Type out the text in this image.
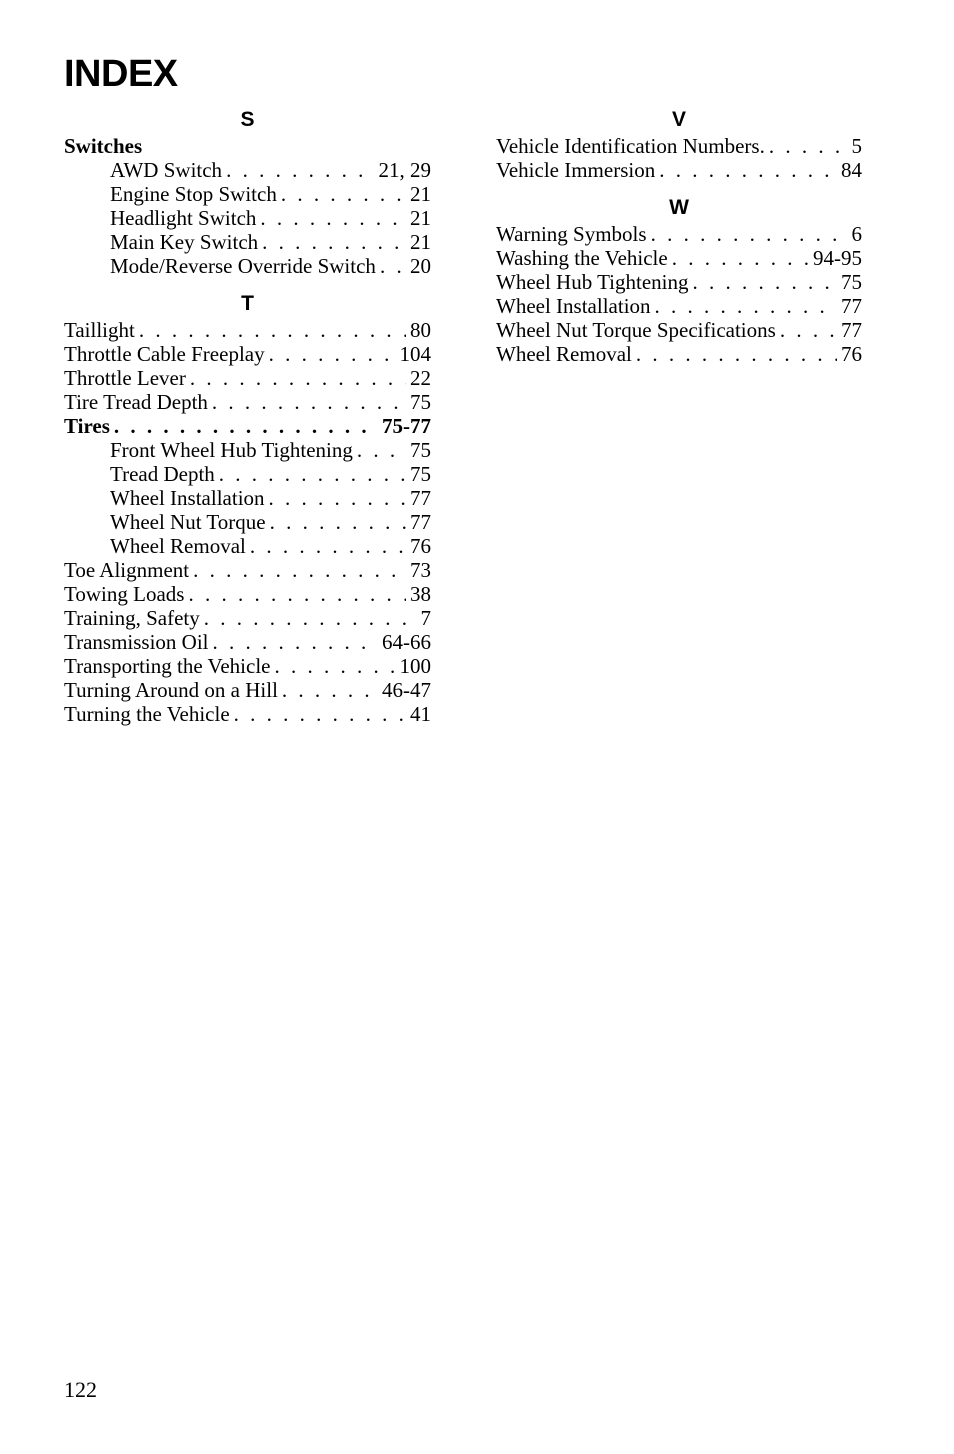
INDEX
S
Switches
AWD Switch . . .	21, 29
Engine Stop Switch . . .	21
Headlight Switch . . .	21
Main Key Switch . . .	21
Mode/Reverse Override Switch . . . 20
T
Taillight . . .	80
Throttle Cable Freeplay . . .	104
Throttle Lever . . .	22
Tire Tread Depth . . .	75
Tires . . .	75-77
Front Wheel Hub Tightening . . .	75
Tread Depth . . .	75
Wheel Installation . . .	77
Wheel Nut Torque . . .	77
Wheel Removal . . .	76
Toe Alignment . . .	73
Towing Loads . . .	38
Training, Safety . . .	7
Transmission Oil . . .	64-66
Transporting the Vehicle . . .	100
Turning Around on a Hill . . .	46-47
Turning the Vehicle . . .	41
V
Vehicle Identification Numbers. . . .	5
Vehicle Immersion . . .	84
W
Warning Symbols . . .	6
Washing the Vehicle . . .	94-95
Wheel Hub Tightening . . .	75
Wheel Installation . . .	77
Wheel Nut Torque Specifications . . .	77
Wheel Removal . . .	76
122
